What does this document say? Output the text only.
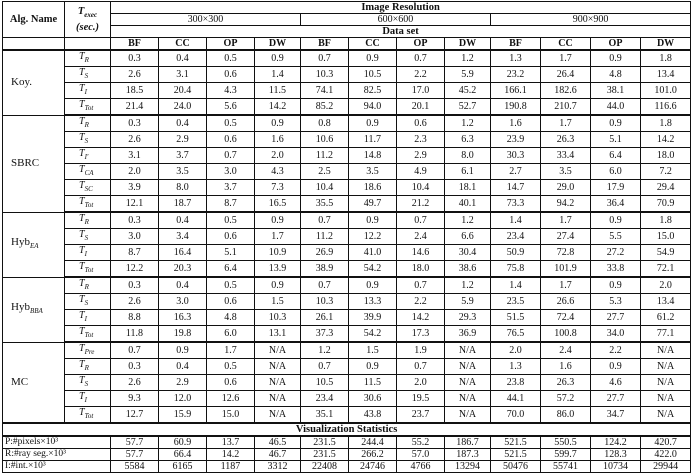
Alg. Name	$T_{exec}$
(sec.)	Image Resolution											
		300×300				600×600				900×900			
		Data set											
		BF	CC	OP	DW	BF	CC	OP	DW	BF	CC	OP	DW
Koy.	$T_R$	0.3	0.4	0.5	0.9	0.7	0.9	0.7	1.2	1.3	1.7	0.9	1.8
	$T_S$	2.6	3.1	0.6	1.4	10.3	10.5	2.2	5.9	23.2	26.4	4.8	13.4
	$T_I$	18.5	20.4	4.3	11.5	74.1	82.5	17.0	45.2	166.1	182.6	38.1	101.0
	$T_{Tot}$	21.4	24.0	5.6	14.2	85.2	94.0	20.1	52.7	190.8	210.7	44.0	116.6
SBRC	$T_R$	0.3	0.4	0.5	0.9	0.8	0.9	0.6	1.2	1.6	1.7	0.9	1.8
	$T_S$	2.6	2.9	0.6	1.6	10.6	11.7	2.3	6.3	23.9	26.3	5.1	14.2
	$T_{I'}$	3.1	3.7	0.7	2.0	11.2	14.8	2.9	8.0	30.3	33.4	6.4	18.0
	$T_{CA}$	2.0	3.5	3.0	4.3	2.5	3.5	4.9	6.1	2.7	3.5	6.0	7.2
	$T_{SC}$	3.9	8.0	3.7	7.3	10.4	18.6	10.4	18.1	14.7	29.0	17.9	29.4
	$T_{Tot}$	12.1	18.7	8.7	16.5	35.5	49.7	21.2	40.1	73.3	94.2	36.4	70.9
Hyb$_{EA}$	$T_R$	0.3	0.4	0.5	0.9	0.7	0.9	0.7	1.2	1.4	1.7	0.9	1.8
	$T_S$	3.0	3.4	0.6	1.7	11.2	12.2	2.4	6.6	23.4	27.4	5.5	15.0
	$T_I$	8.7	16.4	5.1	10.9	26.9	41.0	14.6	30.4	50.9	72.8	27.2	54.9
	$T_{Tot}$	12.2	20.3	6.4	13.9	38.9	54.2	18.0	38.6	75.8	101.9	33.8	72.1
Hyb$_{BBA}$	$T_R$	0.3	0.4	0.5	0.9	0.7	0.9	0.7	1.2	1.4	1.7	0.9	2.0
	$T_S$	2.6	3.0	0.6	1.5	10.3	13.3	2.2	5.9	23.5	26.6	5.3	13.4
	$T_I$	8.8	16.3	4.8	10.3	26.1	39.9	14.2	29.3	51.5	72.4	27.7	61.2
	$T_{Tot}$	11.8	19.8	6.0	13.1	37.3	54.2	17.3	36.9	76.5	100.8	34.0	77.1
MC	$T_{Pre}$	0.7	0.9	1.7	N/A	1.2	1.5	1.9	N/A	2.0	2.4	2.2	N/A
	$T_R$	0.3	0.4	0.5	N/A	0.7	0.9	0.7	N/A	1.3	1.6	0.9	N/A
	$T_S$	2.6	2.9	0.6	N/A	10.5	11.5	2.0	N/A	23.8	26.3	4.6	N/A
	$T_I$	9.3	12.0	12.6	N/A	23.4	30.6	19.5	N/A	44.1	57.2	27.7	N/A
	$T_{Tot}$	12.7	15.9	15.0	N/A	35.1	43.8	23.7	N/A	70.0	86.0	34.7	N/A
Visualization Statistics													
P:#pixels×10³		57.7	60.9	13.7	46.5	231.5	244.4	55.2	186.7	521.5	550.5	124.2	420.7
R:#ray seg.×10³		57.7	66.4	14.2	46.7	231.5	266.2	57.0	187.3	521.5	599.7	128.3	422.0
I:#int.×10³		5584	6165	1187	3312	22408	24746	4766	13294	50476	55741	10734	29944
